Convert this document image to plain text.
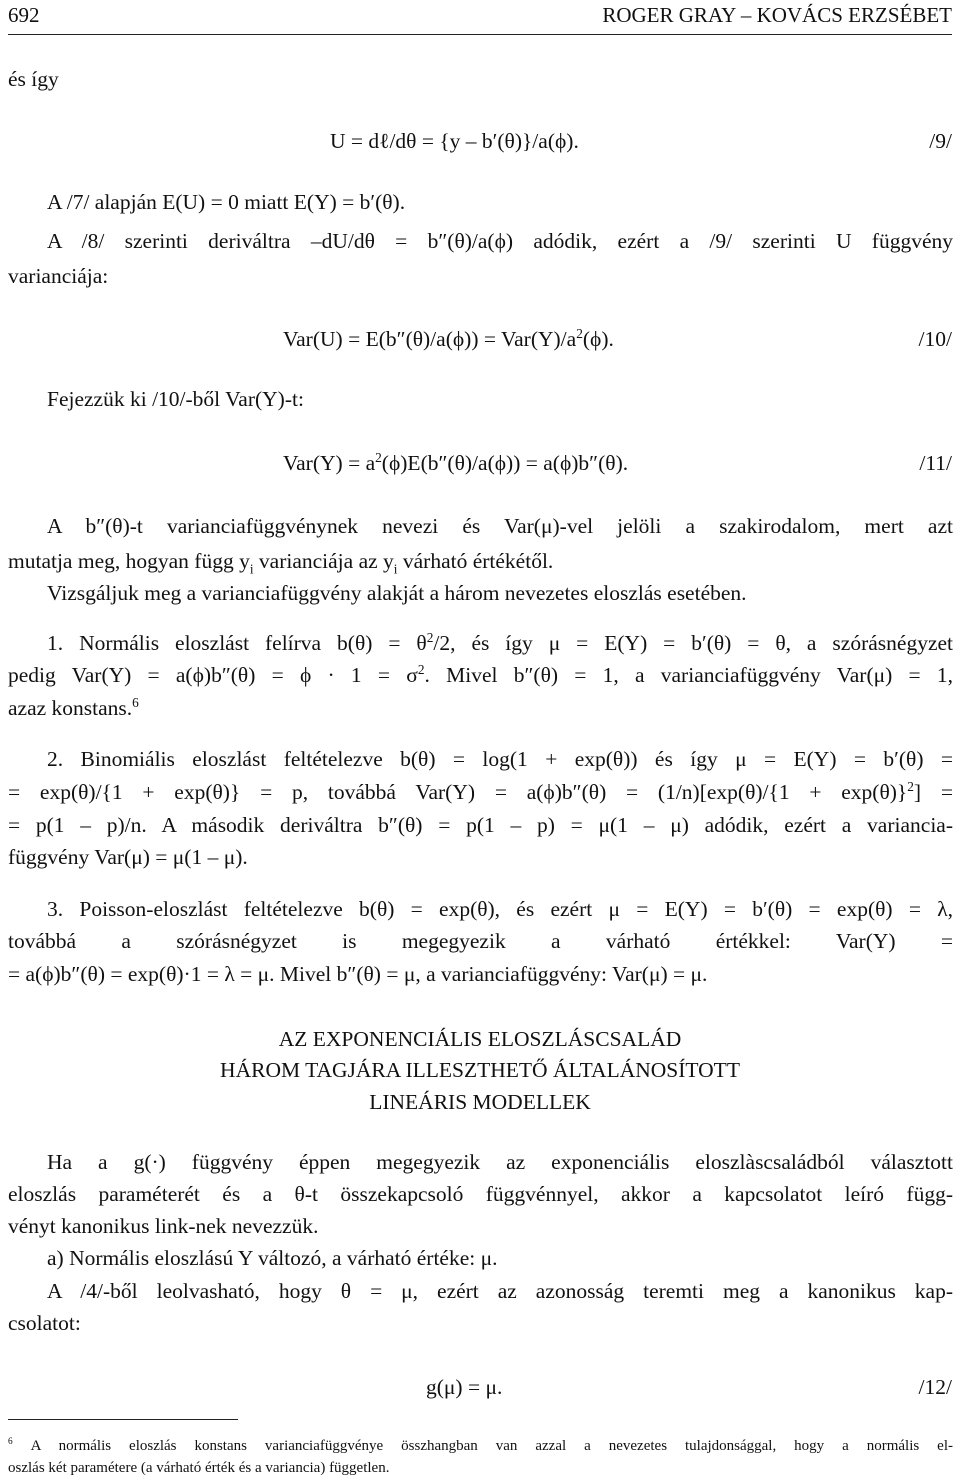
692	ROGER GRAY – KOVÁCS ERZSÉBET
és így
U = dℓ/dθ = {y – b′(θ)}/a(ϕ).	/9/
A /7/ alapján E(U) = 0 miatt E(Y) = b′(θ).
A /8/ szerinti deriváltra –dU/dθ = b″(θ)/a(ϕ) adódik, ezért a /9/ szerinti U függvény
varianciája:
$Var(U) = E(b''(\theta)/a(\phi)) = Var(Y)/a^2(\phi)$.	/10/
Fejezzük ki /10/-ből Var(Y)-t:
$Var(Y) = a^2(\phi)E(b''(\theta)/a(\phi)) = a(\phi)b''(\theta)$.	/11/
A b″(θ)-t varianciafüggvénynek nevezi és Var(μ)-vel jelöli a szakirodalom, mert azt
mutatja meg, hogyan függ $y_i$ varianciája az $y_i$ várható értékétől.
Vizsgáljuk meg a varianciafüggvény alakját a három nevezetes eloszlás esetében.
1. Normális eloszlást felírva $b(\theta) = \theta^2/2$, és így μ = E(Y) = b′(θ) = θ, a szórásnégyzet
pedig $Var(Y) = a(\phi)b''(\theta) = \phi \cdot 1 = \sigma^2$. Mivel b″(θ) = 1, a varianciafüggvény Var(μ) = 1,
azaz konstans.$^6$
2. Binomiális eloszlást feltételezve b(θ) = log(1 + exp(θ)) és így μ = E(Y) = b′(θ) =
= exp(θ)/{1 + exp(θ)} = p, továbbá $Var(Y) = a(\phi)b''(\theta) = (1/n)[\exp(\theta)/\{1 + \exp(\theta)\}^2]$ =
= p(1 – p)/n. A második deriváltra b″(θ) = p(1 – p) = μ(1 – μ) adódik, ezért a variancia-
függvény Var(μ) = μ(1 – μ).
3. Poisson-eloszlást feltételezve b(θ) = exp(θ), és ezért μ = E(Y) = b′(θ) = exp(θ) = λ,
továbbá a szórásnégyzet is megegyezik a várható értékkel: Var(Y) =
= a(ϕ)b″(θ) = exp(θ)·1 = λ = μ. Mivel b″(θ) = μ, a varianciafüggvény: Var(μ) = μ.
AZ EXPONENCIÁLIS ELOSZLÁSCSALÁD
HÁROM TAGJÁRA ILLESZTHETŐ ÁLTALÁNOSÍTOTT
LINEÁRIS MODELLEK
Ha a g(·) függvény éppen megegyezik az exponenciális eloszlàscsaládból választott
eloszlás paraméterét és a θ-t összekapcsoló függvénnyel, akkor a kapcsolatot leíró függ-
vényt kanonikus link-nek nevezzük.
a) Normális eloszlású Y változó, a várható értéke: μ.
A /4/-ből leolvasható, hogy θ = μ, ezért az azonosság teremti meg a kanonikus kap-
csolatot:
g(μ) = μ.	/12/
$^6$ A normális eloszlás konstans varianciafüggvénye összhangban van azzal a nevezetes tulajdonsággal, hogy a normális el-
oszlás két paramétere (a várható érték és a variancia) független.
